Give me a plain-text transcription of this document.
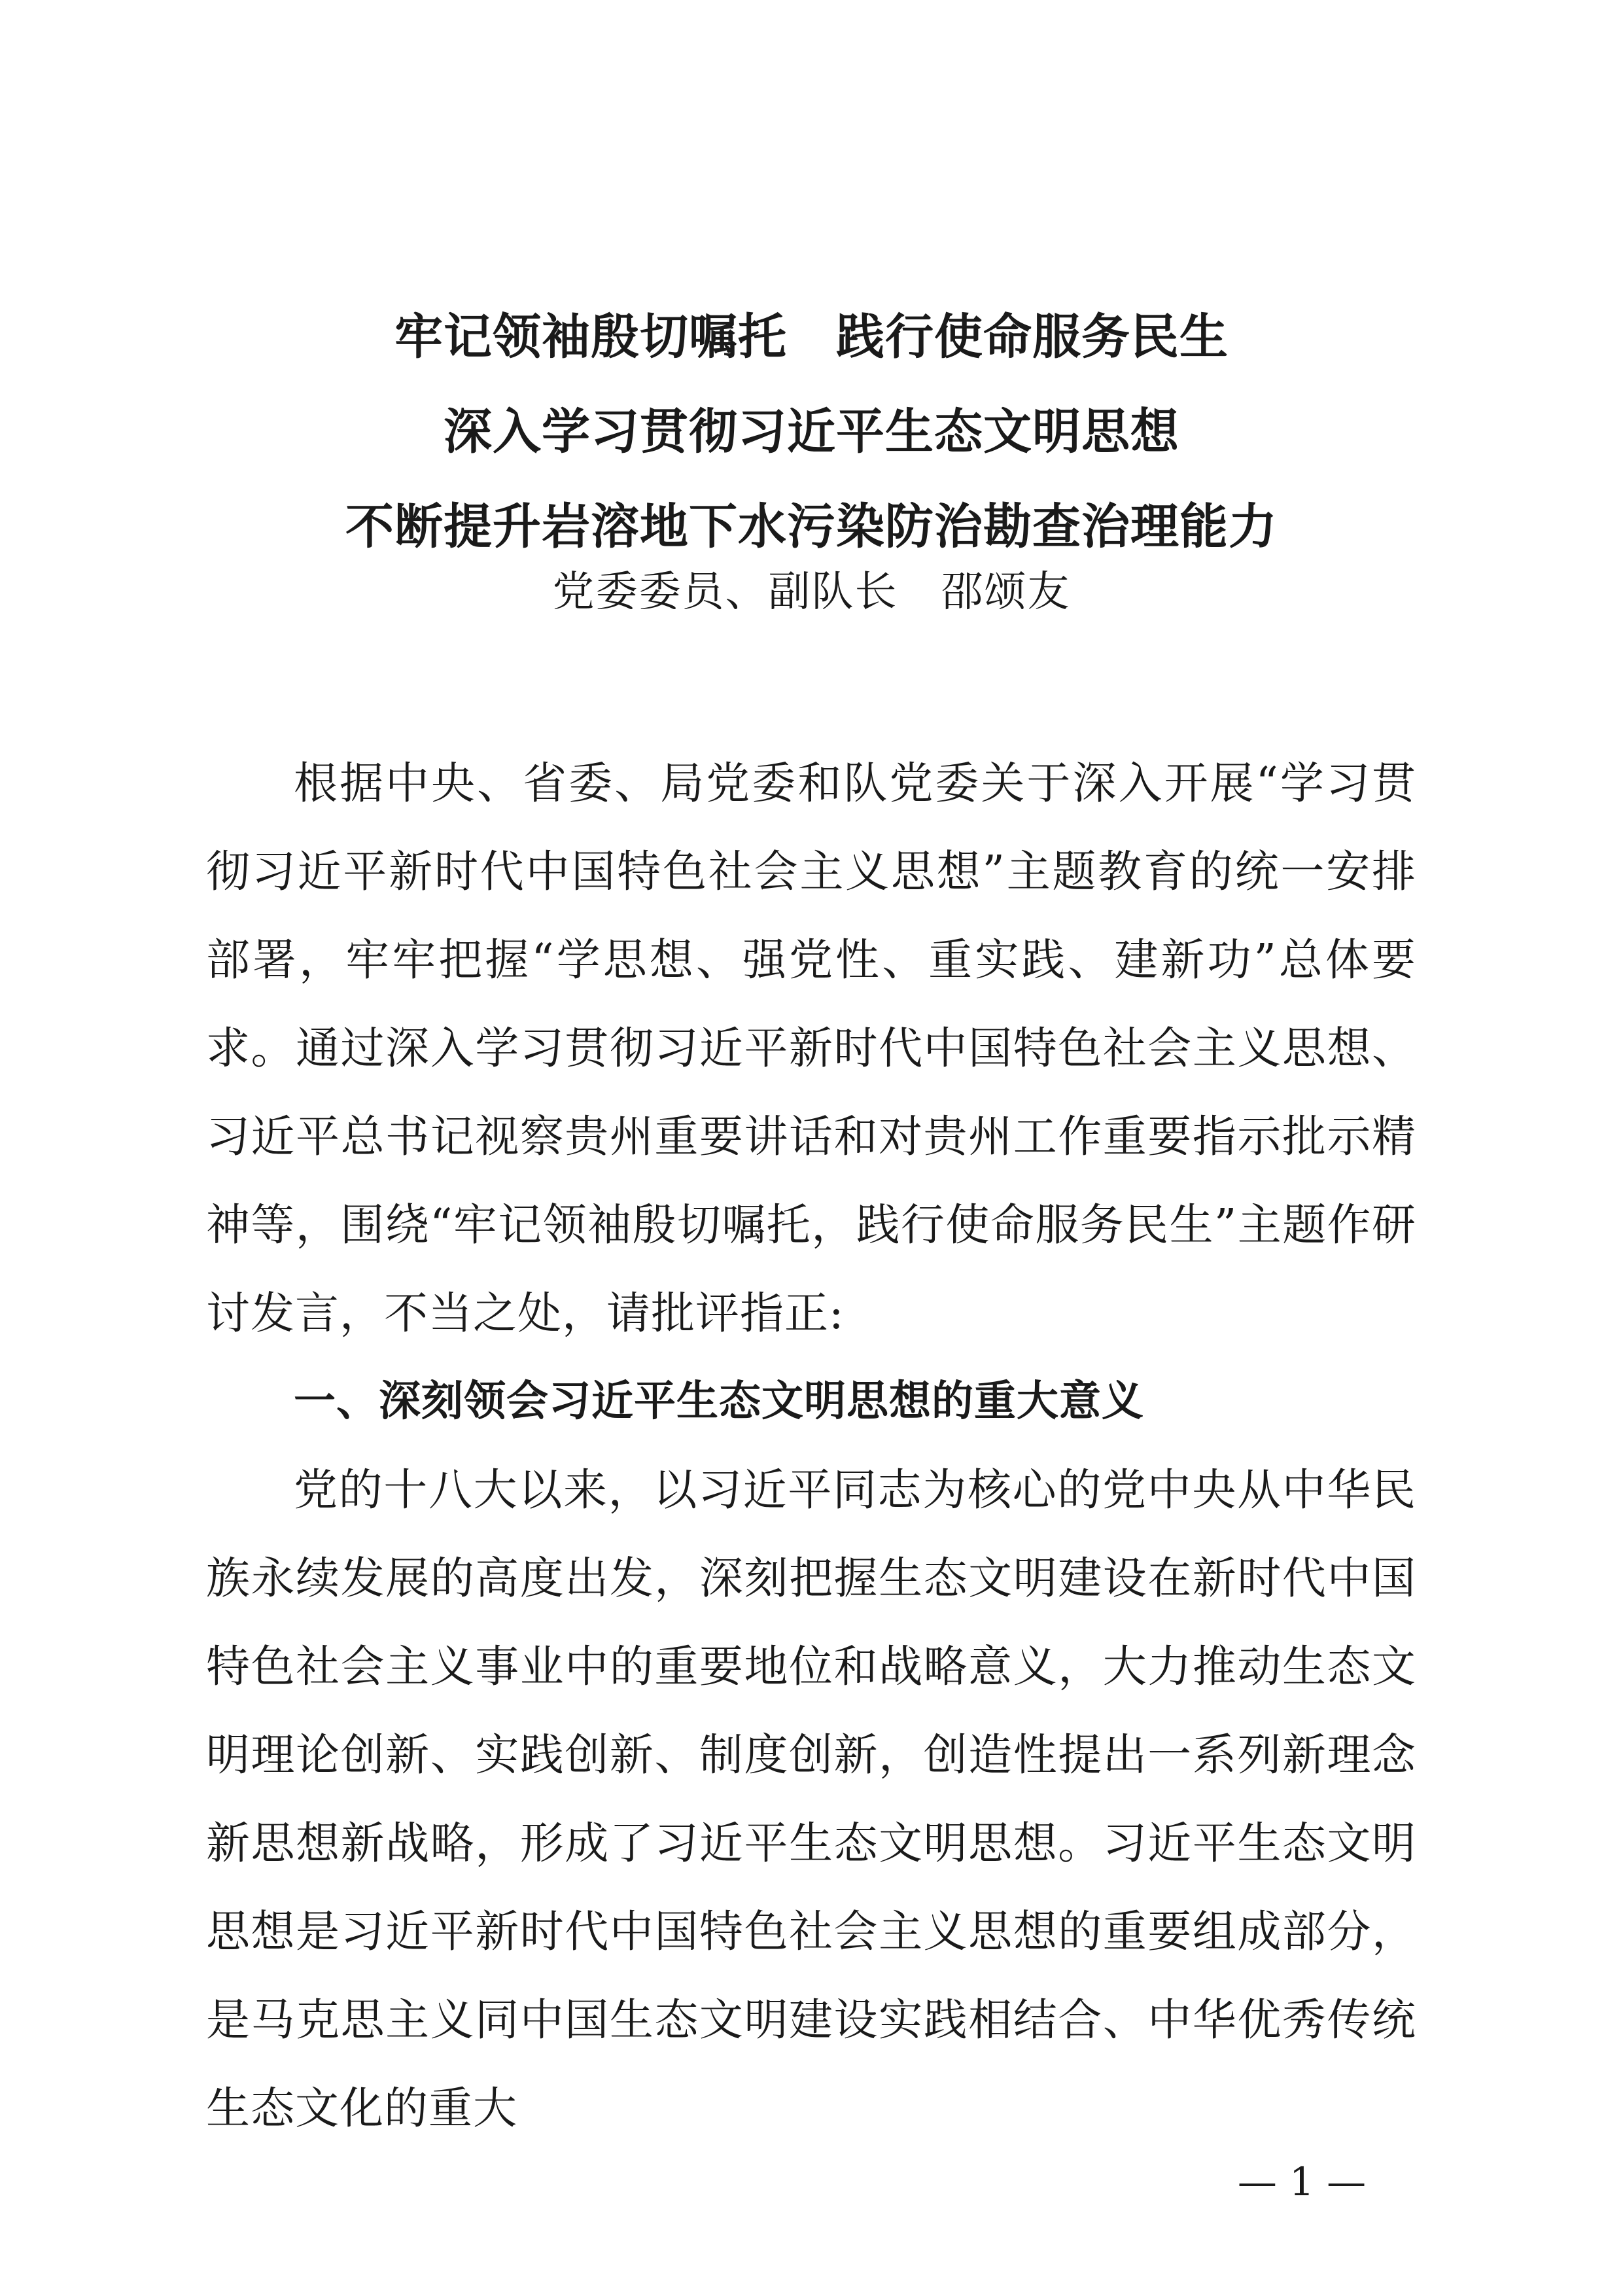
牢记领袖殷切嘱托　践行使命服务民生
深入学习贯彻习近平生态文明思想
不断提升岩溶地下水污染防治勘查治理能力
党委委员、副队长　邵颂友

根据中央、省委、局党委和队党委关于深入开展“学习贯彻习近平新时代中国特色社会主义思想”主题教育的统一安排部署，牢牢把握“学思想、强党性、重实践、建新功”总体要求。通过深入学习贯彻习近平新时代中国特色社会主义思想、习近平总书记视察贵州重要讲话和对贵州工作重要指示批示精神等，围绕“牢记领袖殷切嘱托，践行使命服务民生”主题作研讨发言，不当之处，请批评指正:

一、深刻领会习近平生态文明思想的重大意义

党的十八大以来，以习近平同志为核心的党中央从中华民族永续发展的高度出发，深刻把握生态文明建设在新时代中国特色社会主义事业中的重要地位和战略意义，大力推动生态文明理论创新、实践创新、制度创新，创造性提出一系列新理念新思想新战略，形成了习近平生态文明思想。习近平生态文明思想是习近平新时代中国特色社会主义思想的重要组成部分，是马克思主义同中国生态文明建设实践相结合、中华优秀传统生态文化的重大

— 1 —
